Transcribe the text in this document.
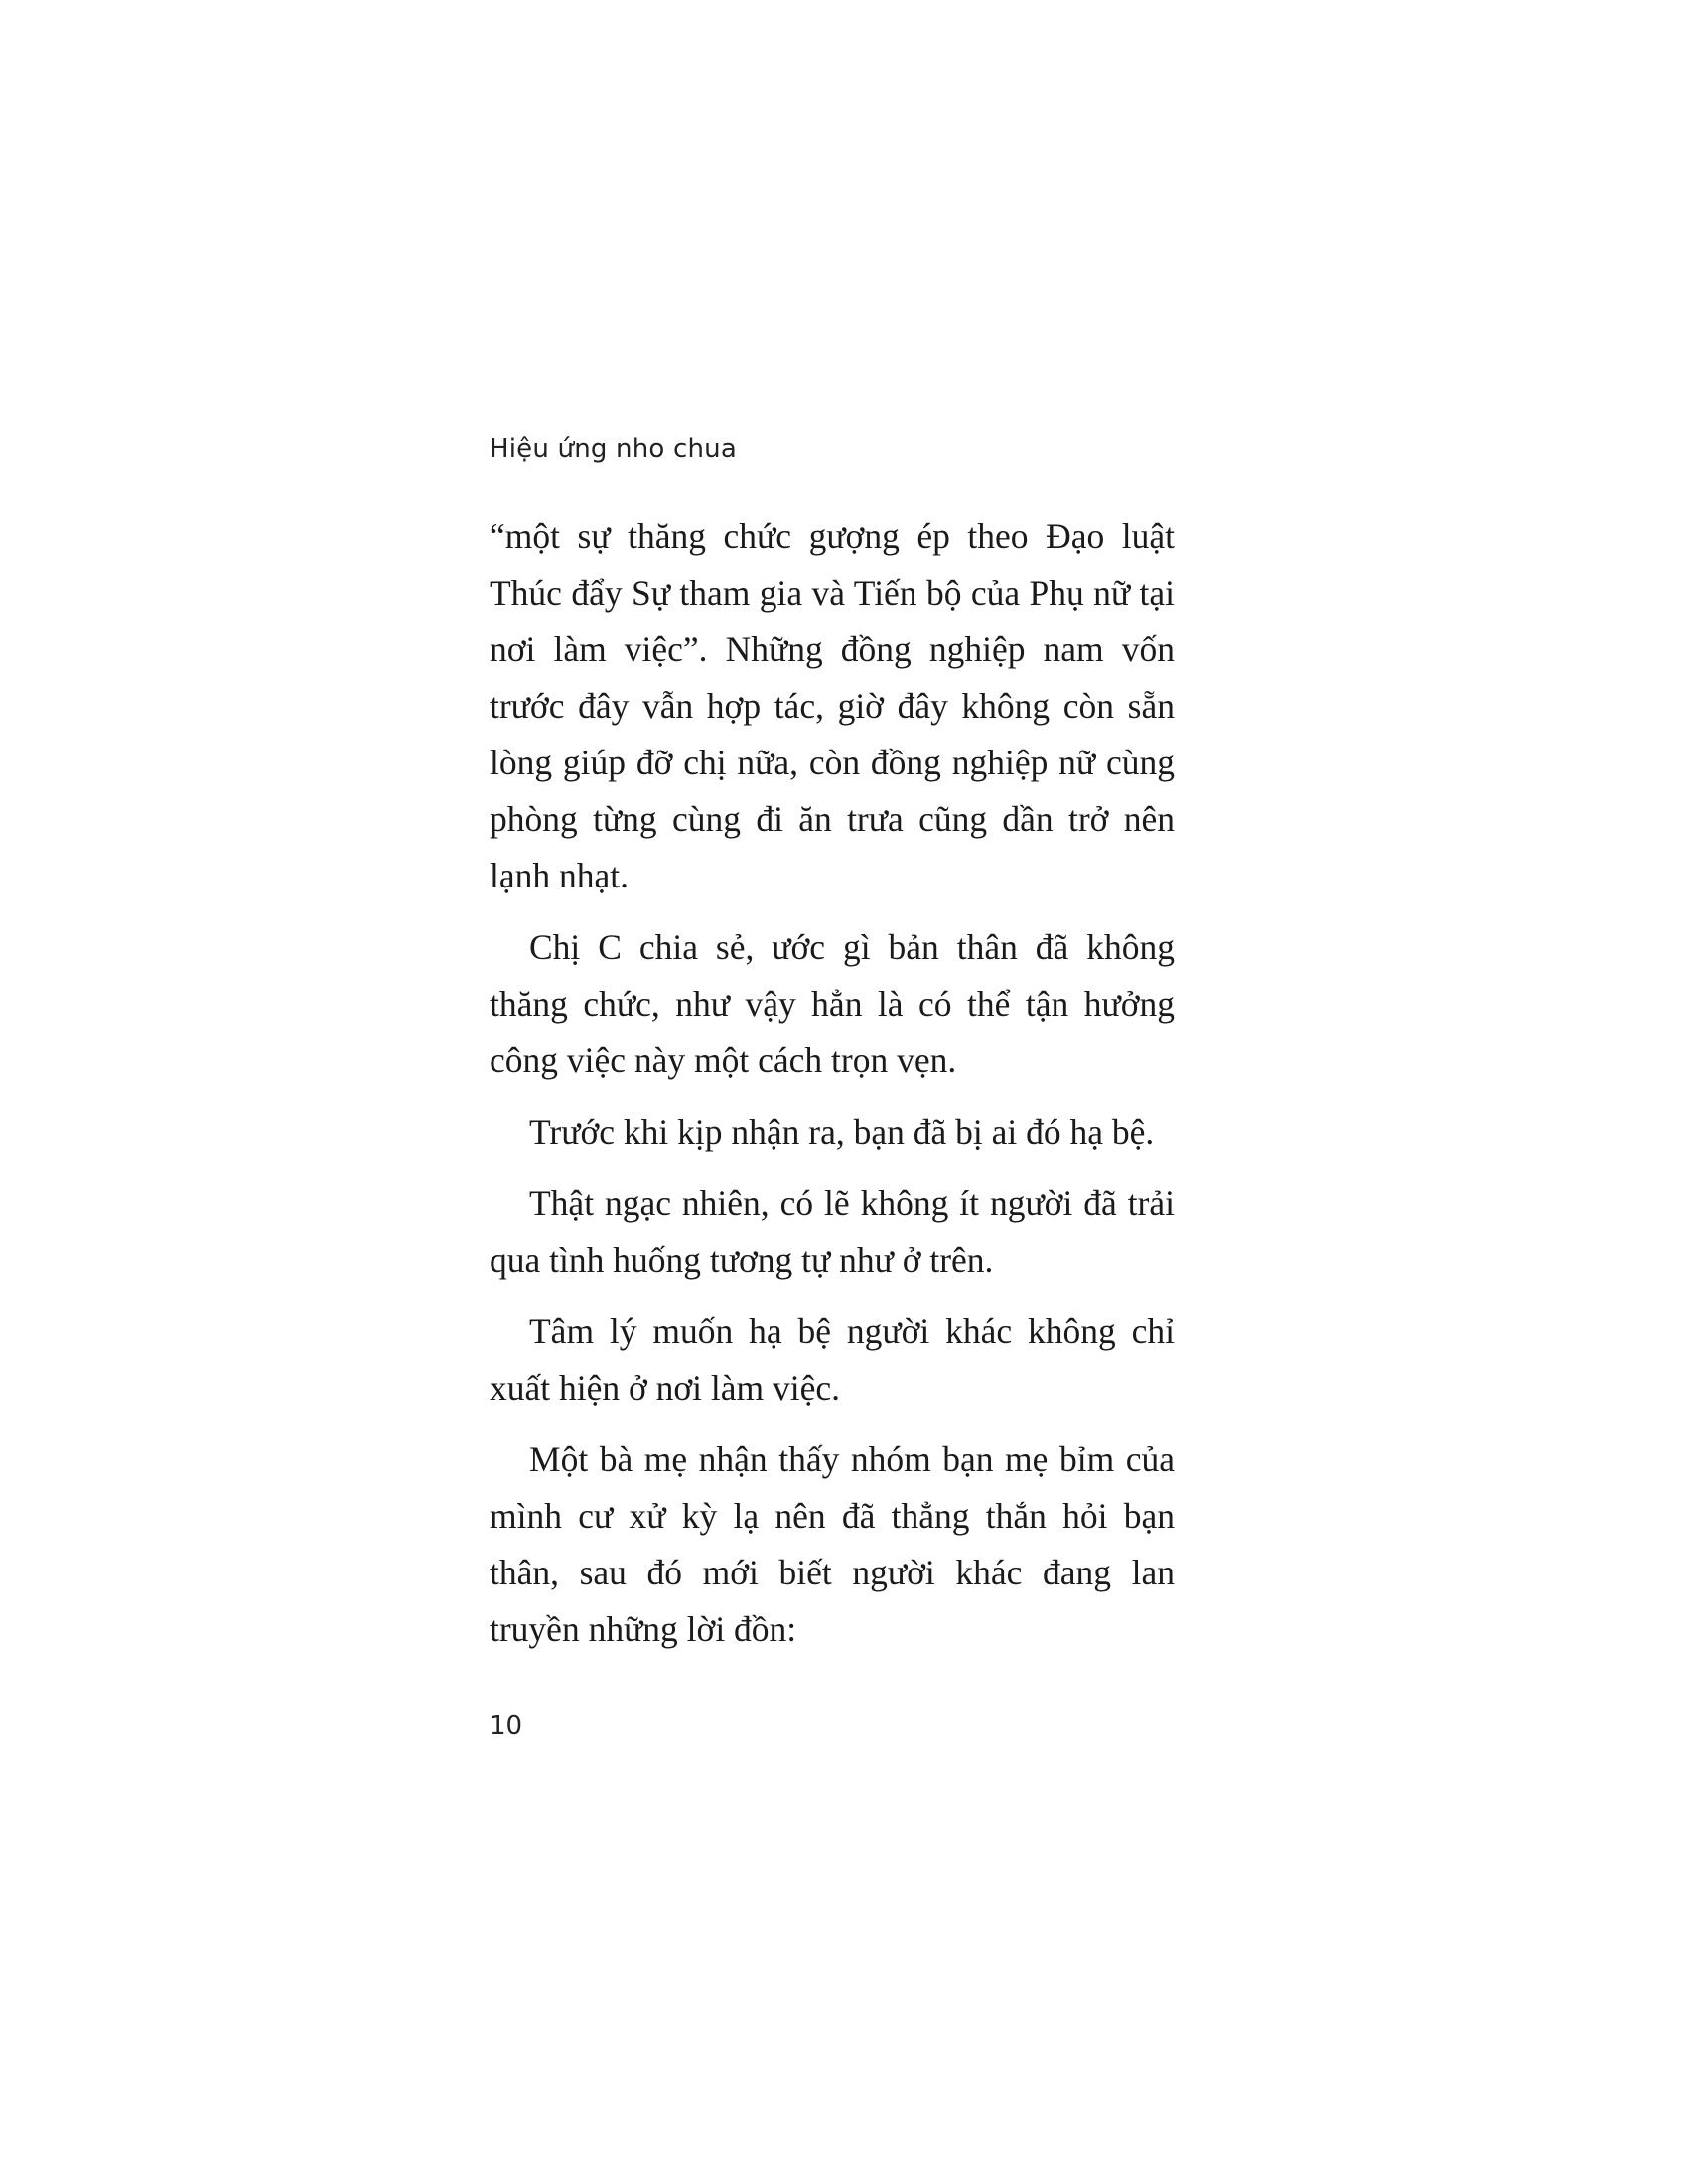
Hiệu ứng nho chua

“một sự thăng chức gượng ép theo Đạo luật Thúc đẩy Sự tham gia và Tiến bộ của Phụ nữ tại nơi làm việc”. Những đồng nghiệp nam vốn trước đây vẫn hợp tác, giờ đây không còn sẵn lòng giúp đỡ chị nữa, còn đồng nghiệp nữ cùng phòng từng cùng đi ăn trưa cũng dần trở nên lạnh nhạt.

Chị C chia sẻ, ước gì bản thân đã không thăng chức, như vậy hẳn là có thể tận hưởng công việc này một cách trọn vẹn.

Trước khi kịp nhận ra, bạn đã bị ai đó hạ bệ.

Thật ngạc nhiên, có lẽ không ít người đã trải qua tình huống tương tự như ở trên.

Tâm lý muốn hạ bệ người khác không chỉ xuất hiện ở nơi làm việc.

Một bà mẹ nhận thấy nhóm bạn mẹ bỉm của mình cư xử kỳ lạ nên đã thẳng thắn hỏi bạn thân, sau đó mới biết người khác đang lan truyền những lời đồn:

10
